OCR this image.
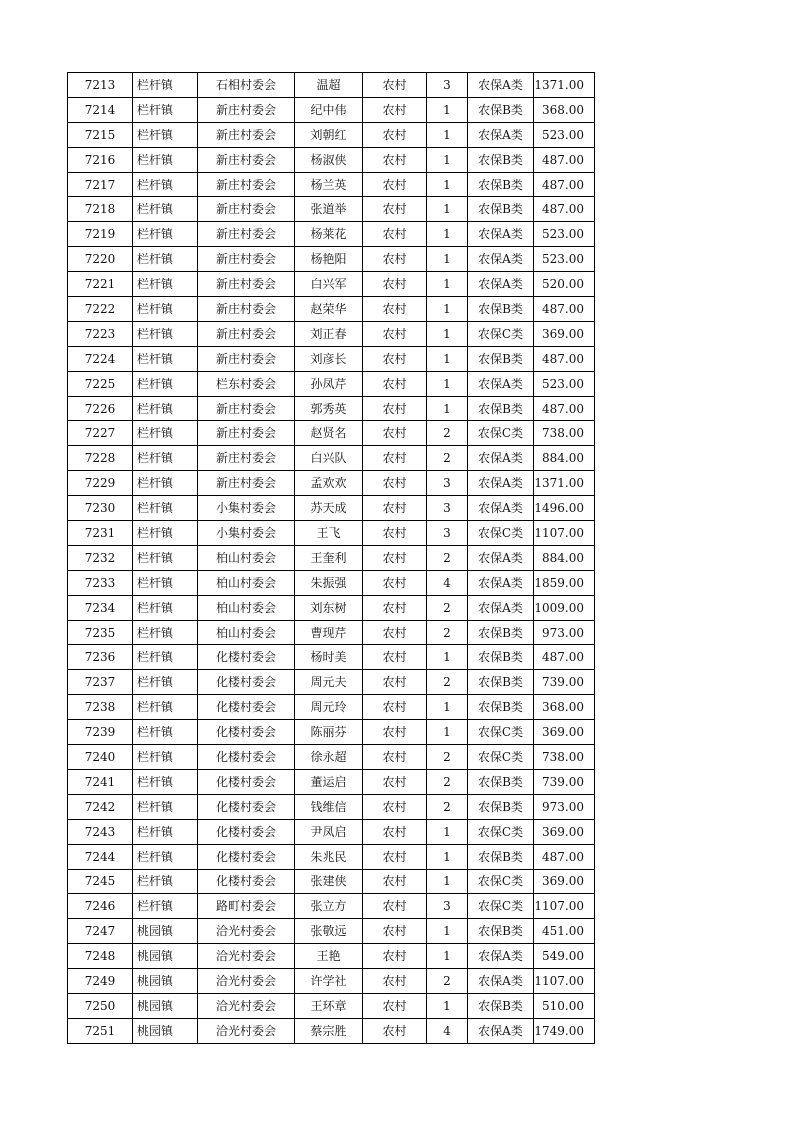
7213	栏杆镇	石相村委会	温超	农村	3	农保A类	1371.00
7214	栏杆镇	新庄村委会	纪中伟	农村	1	农保B类	368.00
7215	栏杆镇	新庄村委会	刘朝红	农村	1	农保A类	523.00
7216	栏杆镇	新庄村委会	杨淑侠	农村	1	农保B类	487.00
7217	栏杆镇	新庄村委会	杨兰英	农村	1	农保B类	487.00
7218	栏杆镇	新庄村委会	张道举	农村	1	农保B类	487.00
7219	栏杆镇	新庄村委会	杨莱花	农村	1	农保A类	523.00
7220	栏杆镇	新庄村委会	杨艳阳	农村	1	农保A类	523.00
7221	栏杆镇	新庄村委会	白兴军	农村	1	农保A类	520.00
7222	栏杆镇	新庄村委会	赵荣华	农村	1	农保B类	487.00
7223	栏杆镇	新庄村委会	刘正春	农村	1	农保C类	369.00
7224	栏杆镇	新庄村委会	刘彦长	农村	1	农保B类	487.00
7225	栏杆镇	栏东村委会	孙凤芹	农村	1	农保A类	523.00
7226	栏杆镇	新庄村委会	郭秀英	农村	1	农保B类	487.00
7227	栏杆镇	新庄村委会	赵贤名	农村	2	农保C类	738.00
7228	栏杆镇	新庄村委会	白兴队	农村	2	农保A类	884.00
7229	栏杆镇	新庄村委会	孟欢欢	农村	3	农保A类	1371.00
7230	栏杆镇	小集村委会	苏天成	农村	3	农保A类	1496.00
7231	栏杆镇	小集村委会	王飞	农村	3	农保C类	1107.00
7232	栏杆镇	柏山村委会	王奎利	农村	2	农保A类	884.00
7233	栏杆镇	柏山村委会	朱振强	农村	4	农保A类	1859.00
7234	栏杆镇	柏山村委会	刘东树	农村	2	农保A类	1009.00
7235	栏杆镇	柏山村委会	曹现芹	农村	2	农保B类	973.00
7236	栏杆镇	化楼村委会	杨时美	农村	1	农保B类	487.00
7237	栏杆镇	化楼村委会	周元夫	农村	2	农保B类	739.00
7238	栏杆镇	化楼村委会	周元玲	农村	1	农保B类	368.00
7239	栏杆镇	化楼村委会	陈丽芬	农村	1	农保C类	369.00
7240	栏杆镇	化楼村委会	徐永超	农村	2	农保C类	738.00
7241	栏杆镇	化楼村委会	董运启	农村	2	农保B类	739.00
7242	栏杆镇	化楼村委会	钱维信	农村	2	农保B类	973.00
7243	栏杆镇	化楼村委会	尹凤启	农村	1	农保C类	369.00
7244	栏杆镇	化楼村委会	朱兆民	农村	1	农保B类	487.00
7245	栏杆镇	化楼村委会	张建侠	农村	1	农保C类	369.00
7246	栏杆镇	路町村委会	张立方	农村	3	农保C类	1107.00
7247	桃园镇	洽光村委会	张敬远	农村	1	农保B类	451.00
7248	桃园镇	洽光村委会	王艳	农村	1	农保A类	549.00
7249	桃园镇	洽光村委会	许学社	农村	2	农保A类	1107.00
7250	桃园镇	洽光村委会	王环章	农村	1	农保B类	510.00
7251	桃园镇	洽光村委会	蔡宗胜	农村	4	农保A类	1749.00
